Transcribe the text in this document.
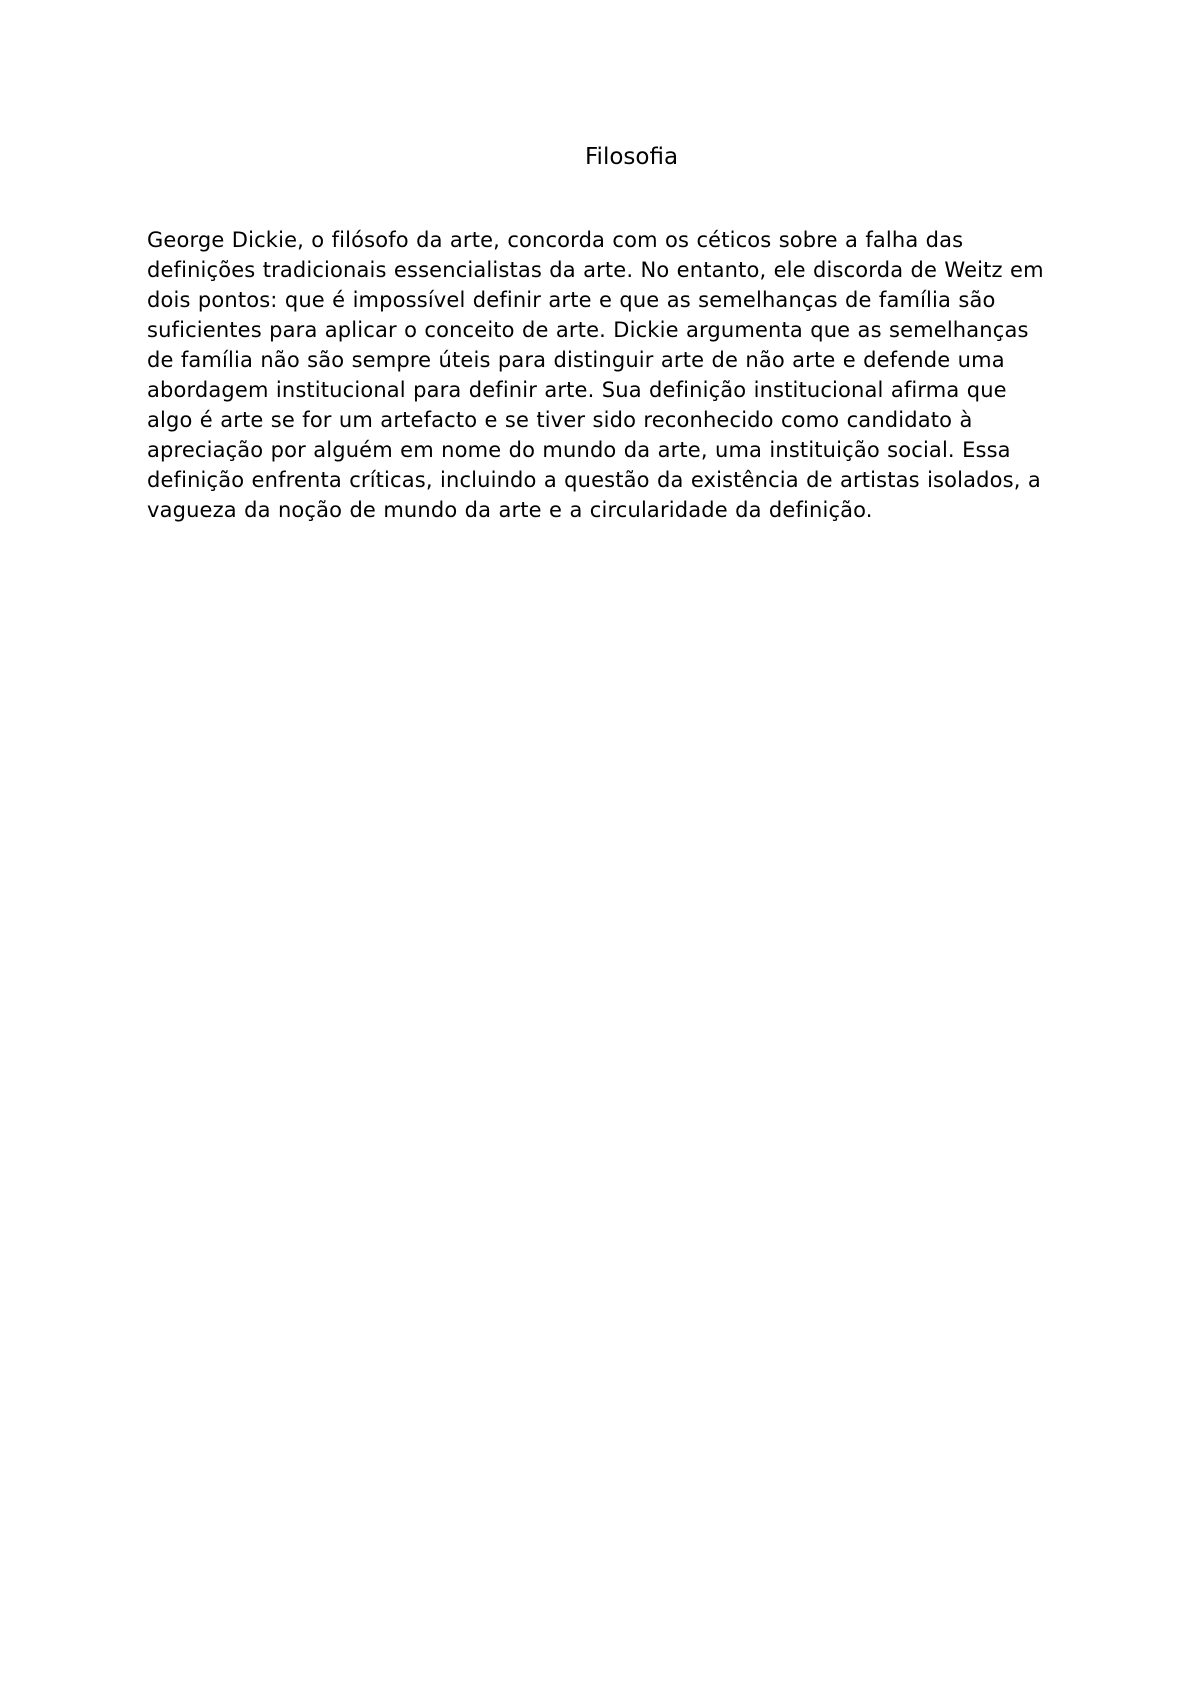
Filosofia

George Dickie, o filósofo da arte, concorda com os céticos sobre a falha das definições tradicionais essencialistas da arte. No entanto, ele discorda de Weitz em dois pontos: que é impossível definir arte e que as semelhanças de família são suficientes para aplicar o conceito de arte. Dickie argumenta que as semelhanças de família não são sempre úteis para distinguir arte de não arte e defende uma abordagem institucional para definir arte. Sua definição institucional afirma que algo é arte se for um artefacto e se tiver sido reconhecido como candidato à apreciação por alguém em nome do mundo da arte, uma instituição social. Essa definição enfrenta críticas, incluindo a questão da existência de artistas isolados, a vagueza da noção de mundo da arte e a circularidade da definição.
